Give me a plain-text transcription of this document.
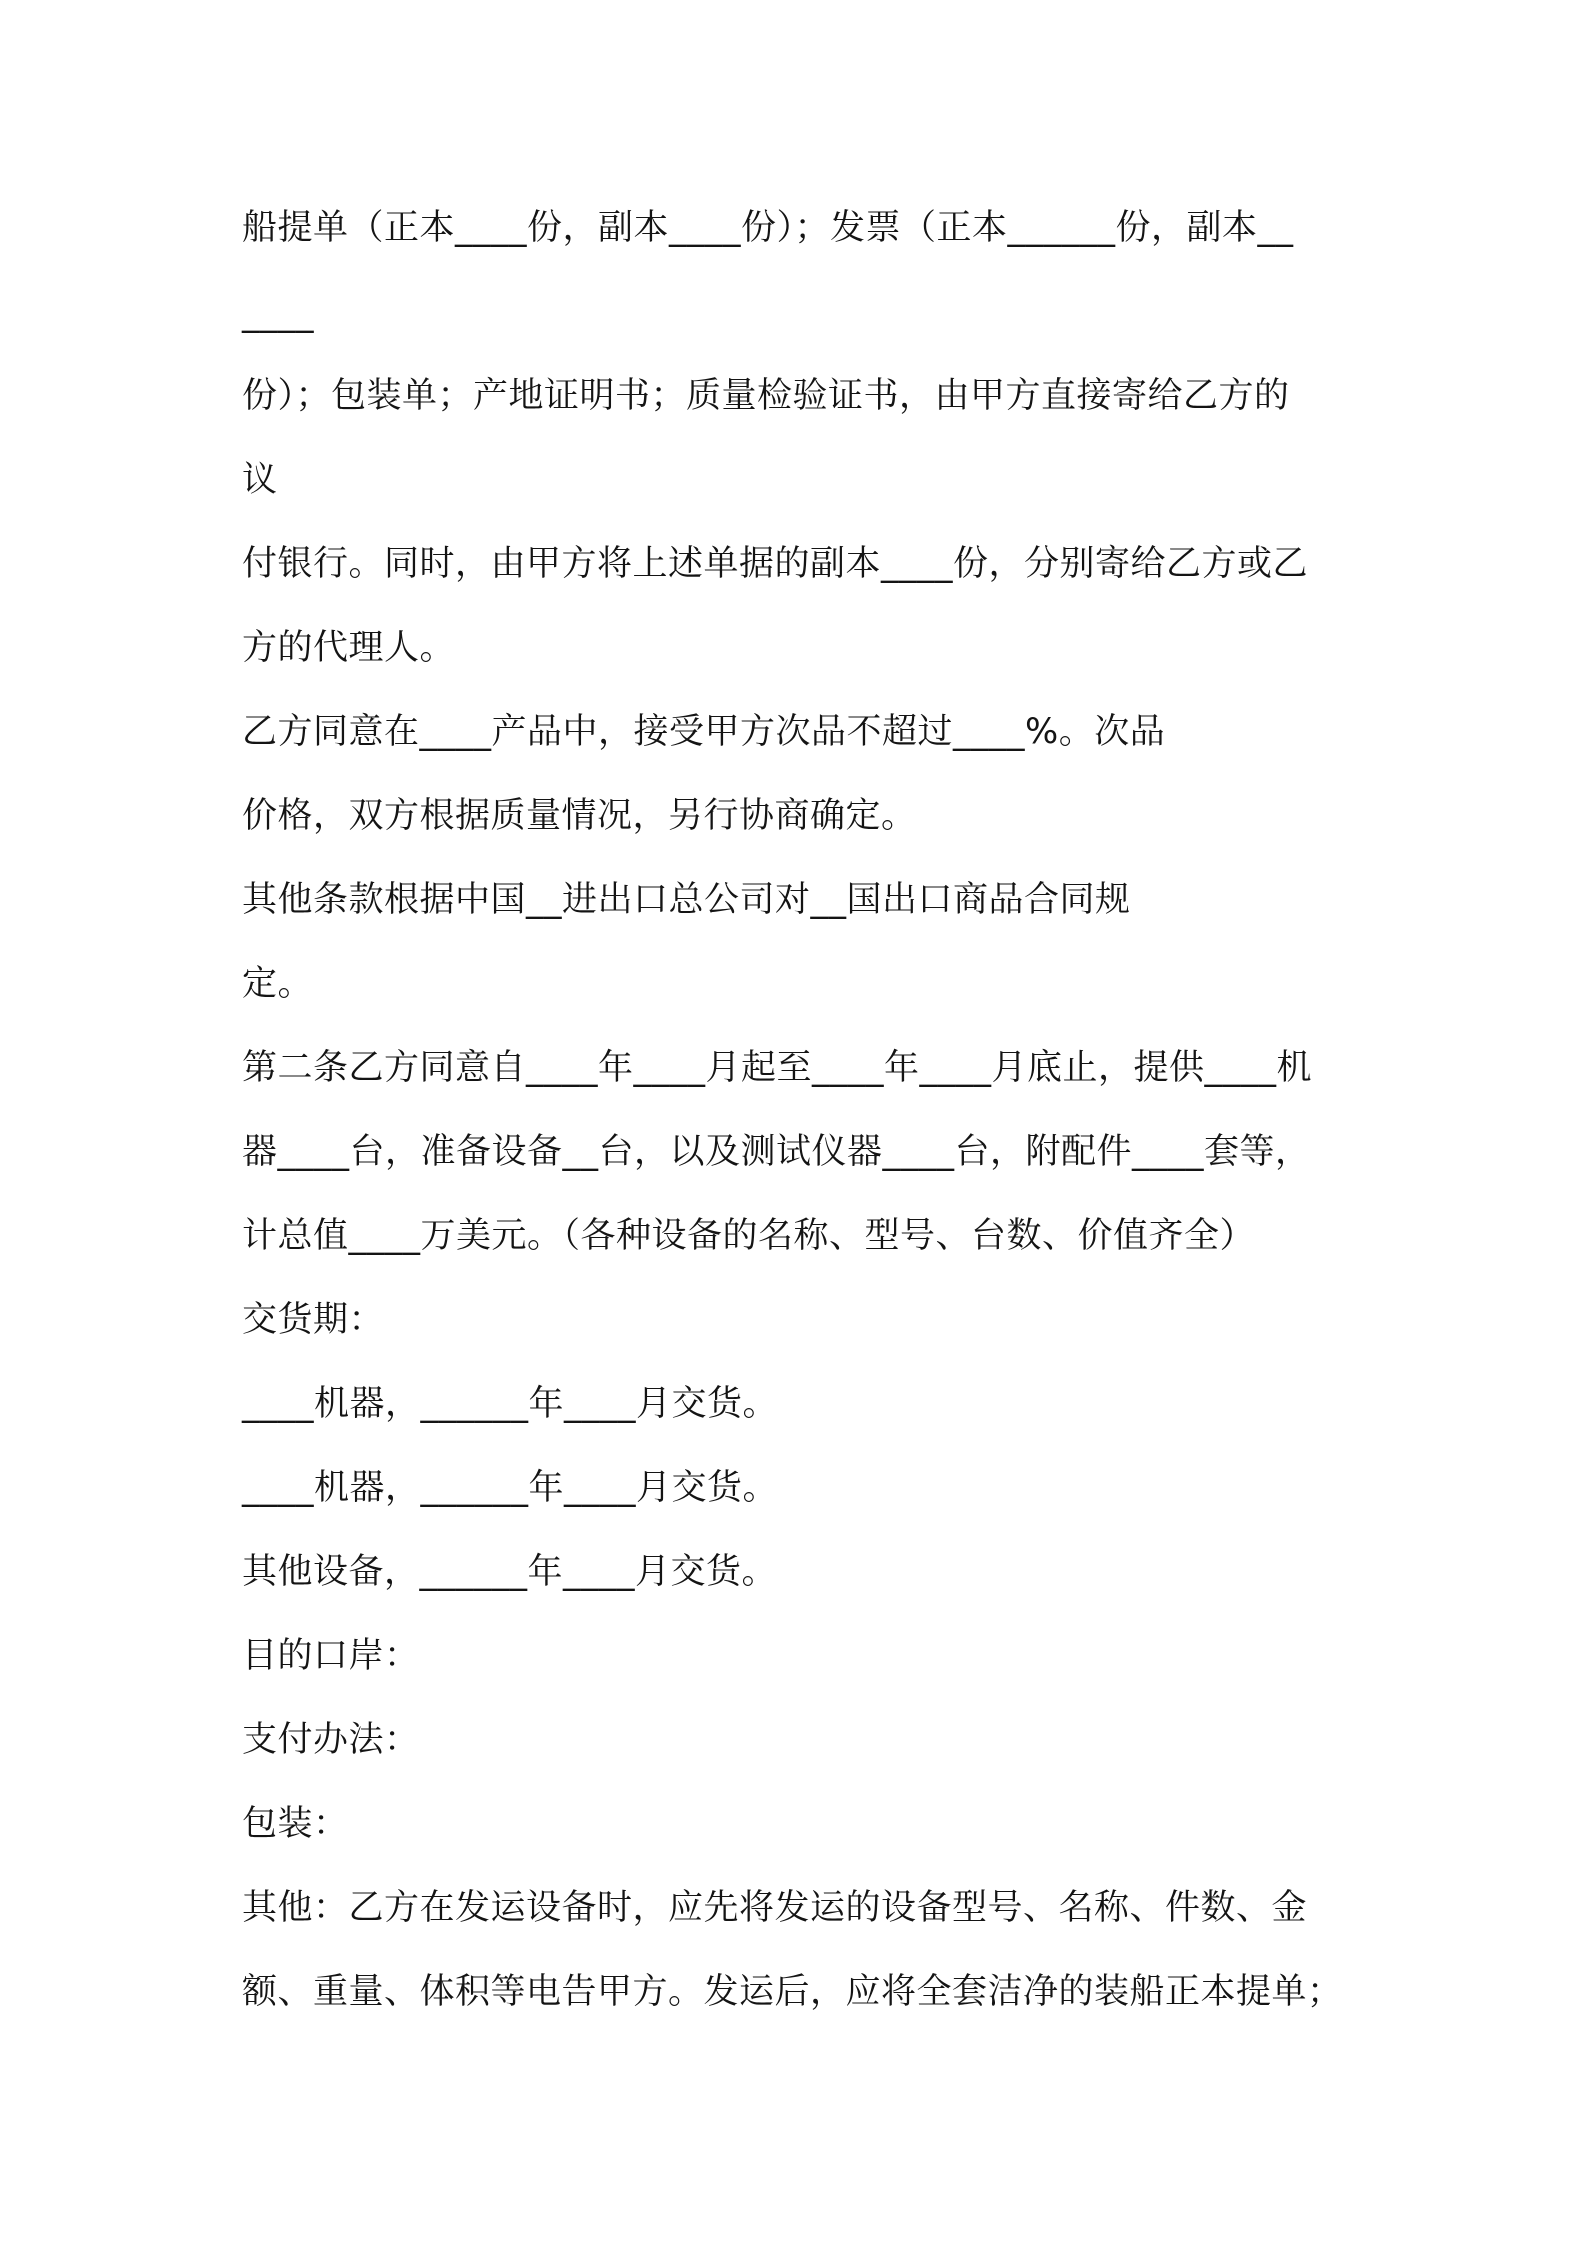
船提单（正本____份，副本____份）；发票（正本______份，副本__
____
份）；包装单；产地证明书；质量检验证书，由甲方直接寄给乙方的
议
付银行。同时，由甲方将上述单据的副本____份，分别寄给乙方或乙
方的代理人。
乙方同意在____产品中，接受甲方次品不超过____%。次品
价格，双方根据质量情况，另行协商确定。
其他条款根据中国__进出口总公司对__国出口商品合同规
定。
第二条乙方同意自____年____月起至____年____月底止，提供____机
器____台，准备设备__台，以及测试仪器____台，附配件____套等，
计总值____万美元。（各种设备的名称、型号、台数、价值齐全）
交货期：
____机器，______年____月交货。
____机器，______年____月交货。
其他设备，______年____月交货。
目的口岸：
支付办法：
包装：
其他：乙方在发运设备时，应先将发运的设备型号、名称、件数、金
额、重量、体积等电告甲方。发运后，应将全套洁净的装船正本提单；
